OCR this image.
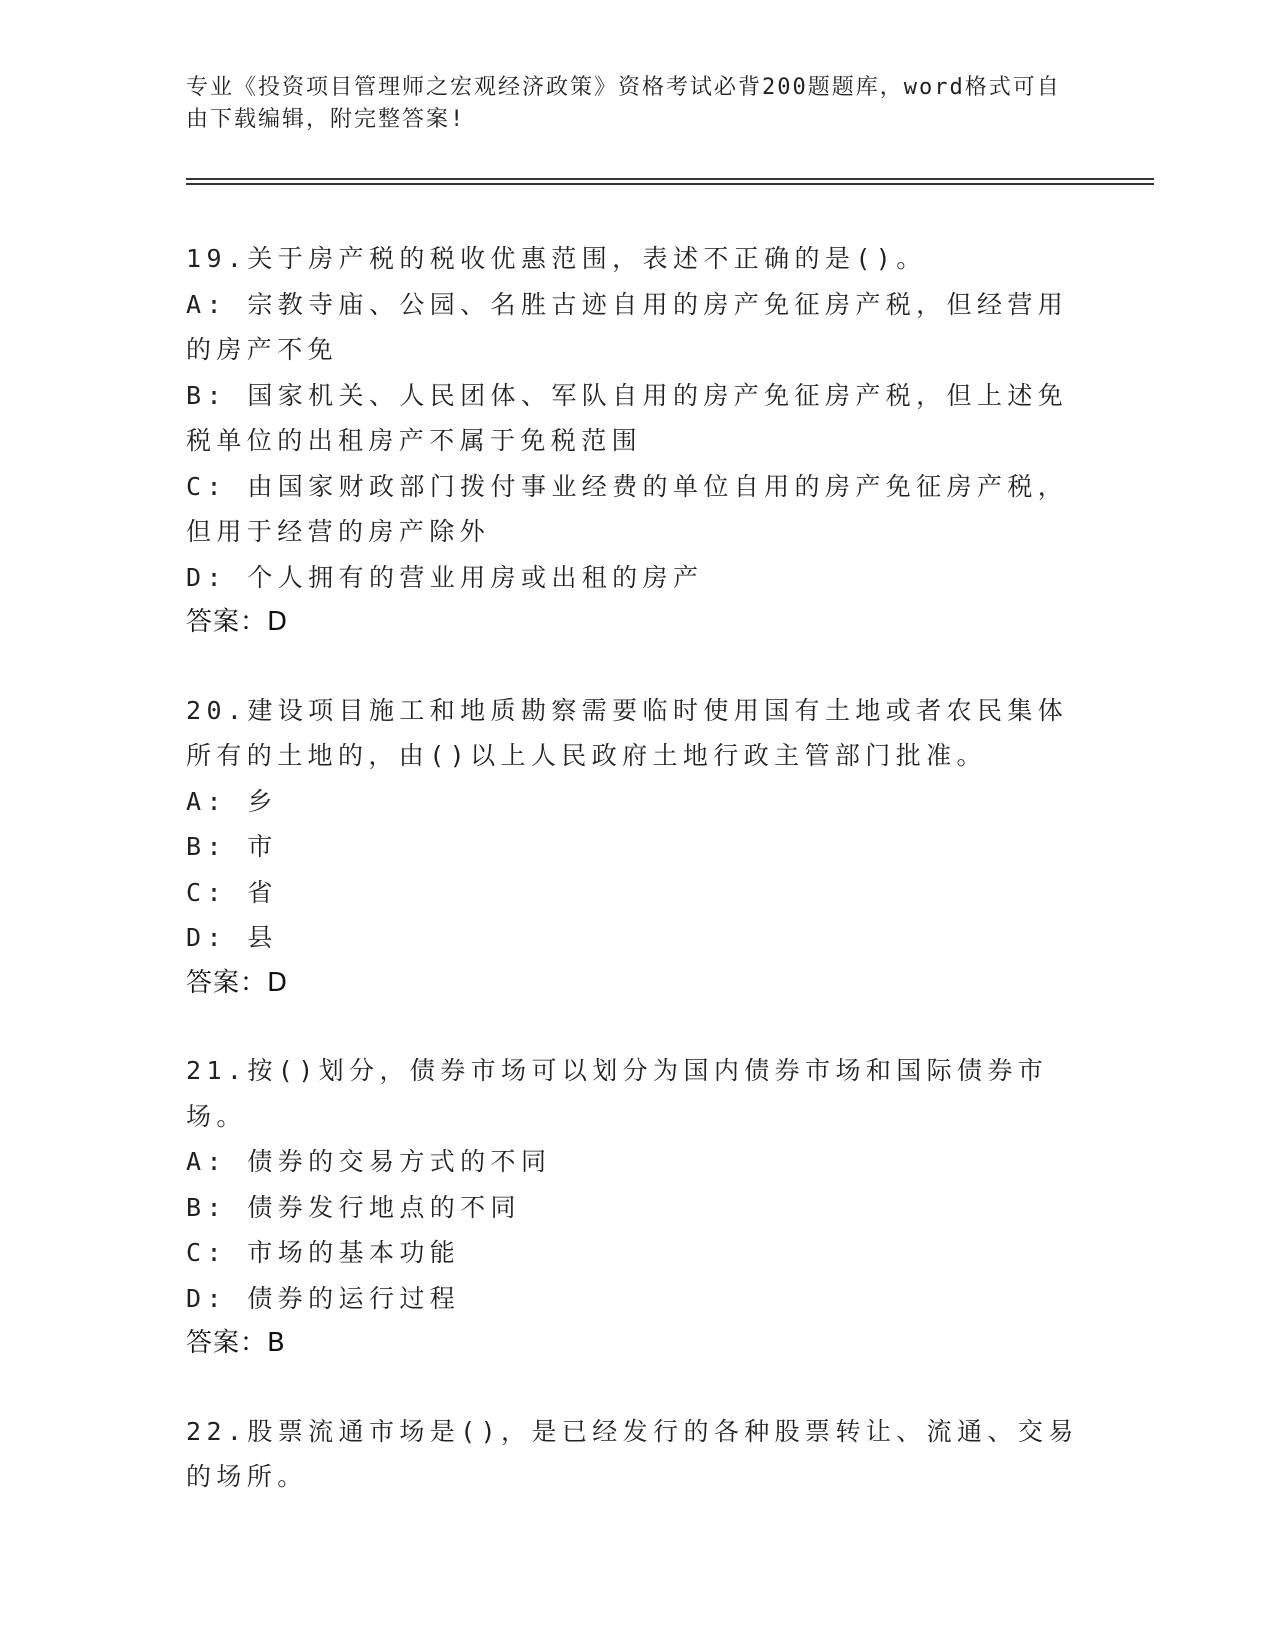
专业《投资项目管理师之宏观经济政策》资格考试必背200题题库，word格式可自由下载编辑，附完整答案!
19.关于房产税的税收优惠范围，表述不正确的是()。
A: 宗教寺庙、公园、名胜古迹自用的房产免征房产税，但经营用的房产不免
B: 国家机关、人民团体、军队自用的房产免征房产税，但上述免税单位的出租房产不属于免税范围
C: 由国家财政部门拨付事业经费的单位自用的房产免征房产税，但用于经营的房产除外
D: 个人拥有的营业用房或出租的房产
答案：D
20.建设项目施工和地质勘察需要临时使用国有土地或者农民集体所有的土地的，由()以上人民政府土地行政主管部门批准。
A: 乡
B: 市
C: 省
D: 县
答案：D
21.按()划分，债券市场可以划分为国内债券市场和国际债券市场。
A: 债券的交易方式的不同
B: 债券发行地点的不同
C: 市场的基本功能
D: 债券的运行过程
答案：B
22.股票流通市场是()，是已经发行的各种股票转让、流通、交易的场所。
